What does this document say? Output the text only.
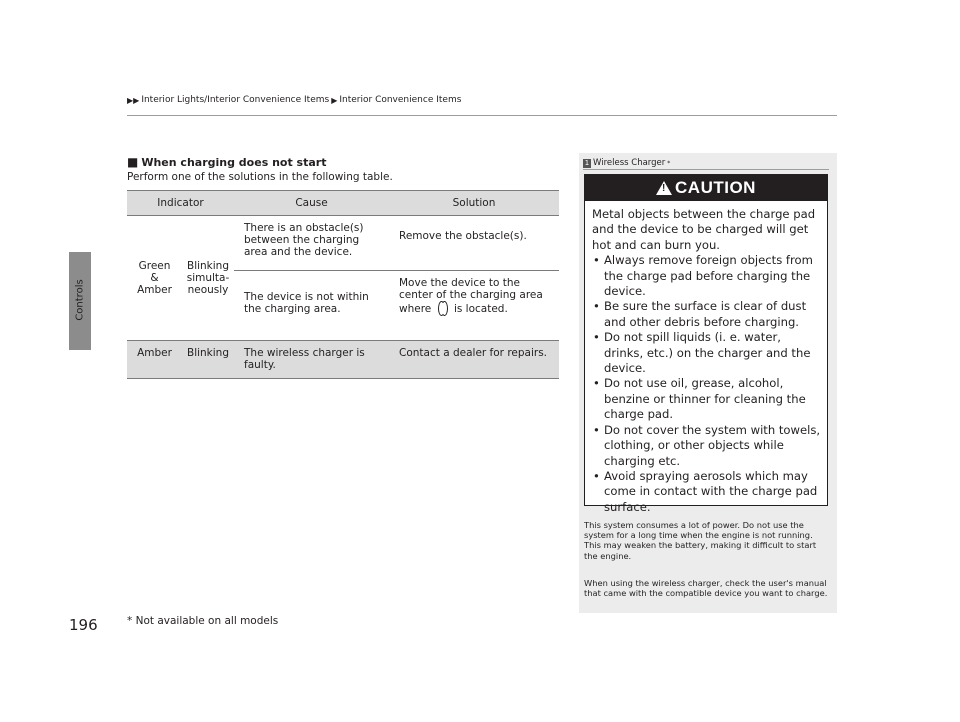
Controls
196
▶▶ Interior Lights/Interior Convenience Items ▶ Interior Convenience Items
■ When charging does not start
Perform one of the solutions in the following table.
Indicator		Cause	Solution
Green & Amber	Blinking simulta-neously	There is an obstacle(s) between the charging area and the device.	Remove the obstacle(s).
		The device is not within the charging area.	Move the device to the center of the charging area where is located.
Amber	Blinking	The wireless charger is faulty.	Contact a dealer for repairs.
1 Wireless Charger *
!
CAUTION

Metal objects between the charge pad and the device to be charged will get hot and can burn you.

• Always remove foreign objects from the charge pad before charging the device.
• Be sure the surface is clear of dust and other debris before charging.
• Do not spill liquids (i. e. water, drinks, etc.) on the charger and the device.
• Do not use oil, grease, alcohol, benzine or thinner for cleaning the charge pad.
• Do not cover the system with towels, clothing, or other objects while charging etc.
• Avoid spraying aerosols which may come in contact with the charge pad surface.
This system consumes a lot of power. Do not use the system for a long time when the engine is not running. This may weaken the battery, making it difficult to start the engine.
When using the wireless charger, check the user's manual that came with the compatible device you want to charge.
* Not available on all models
